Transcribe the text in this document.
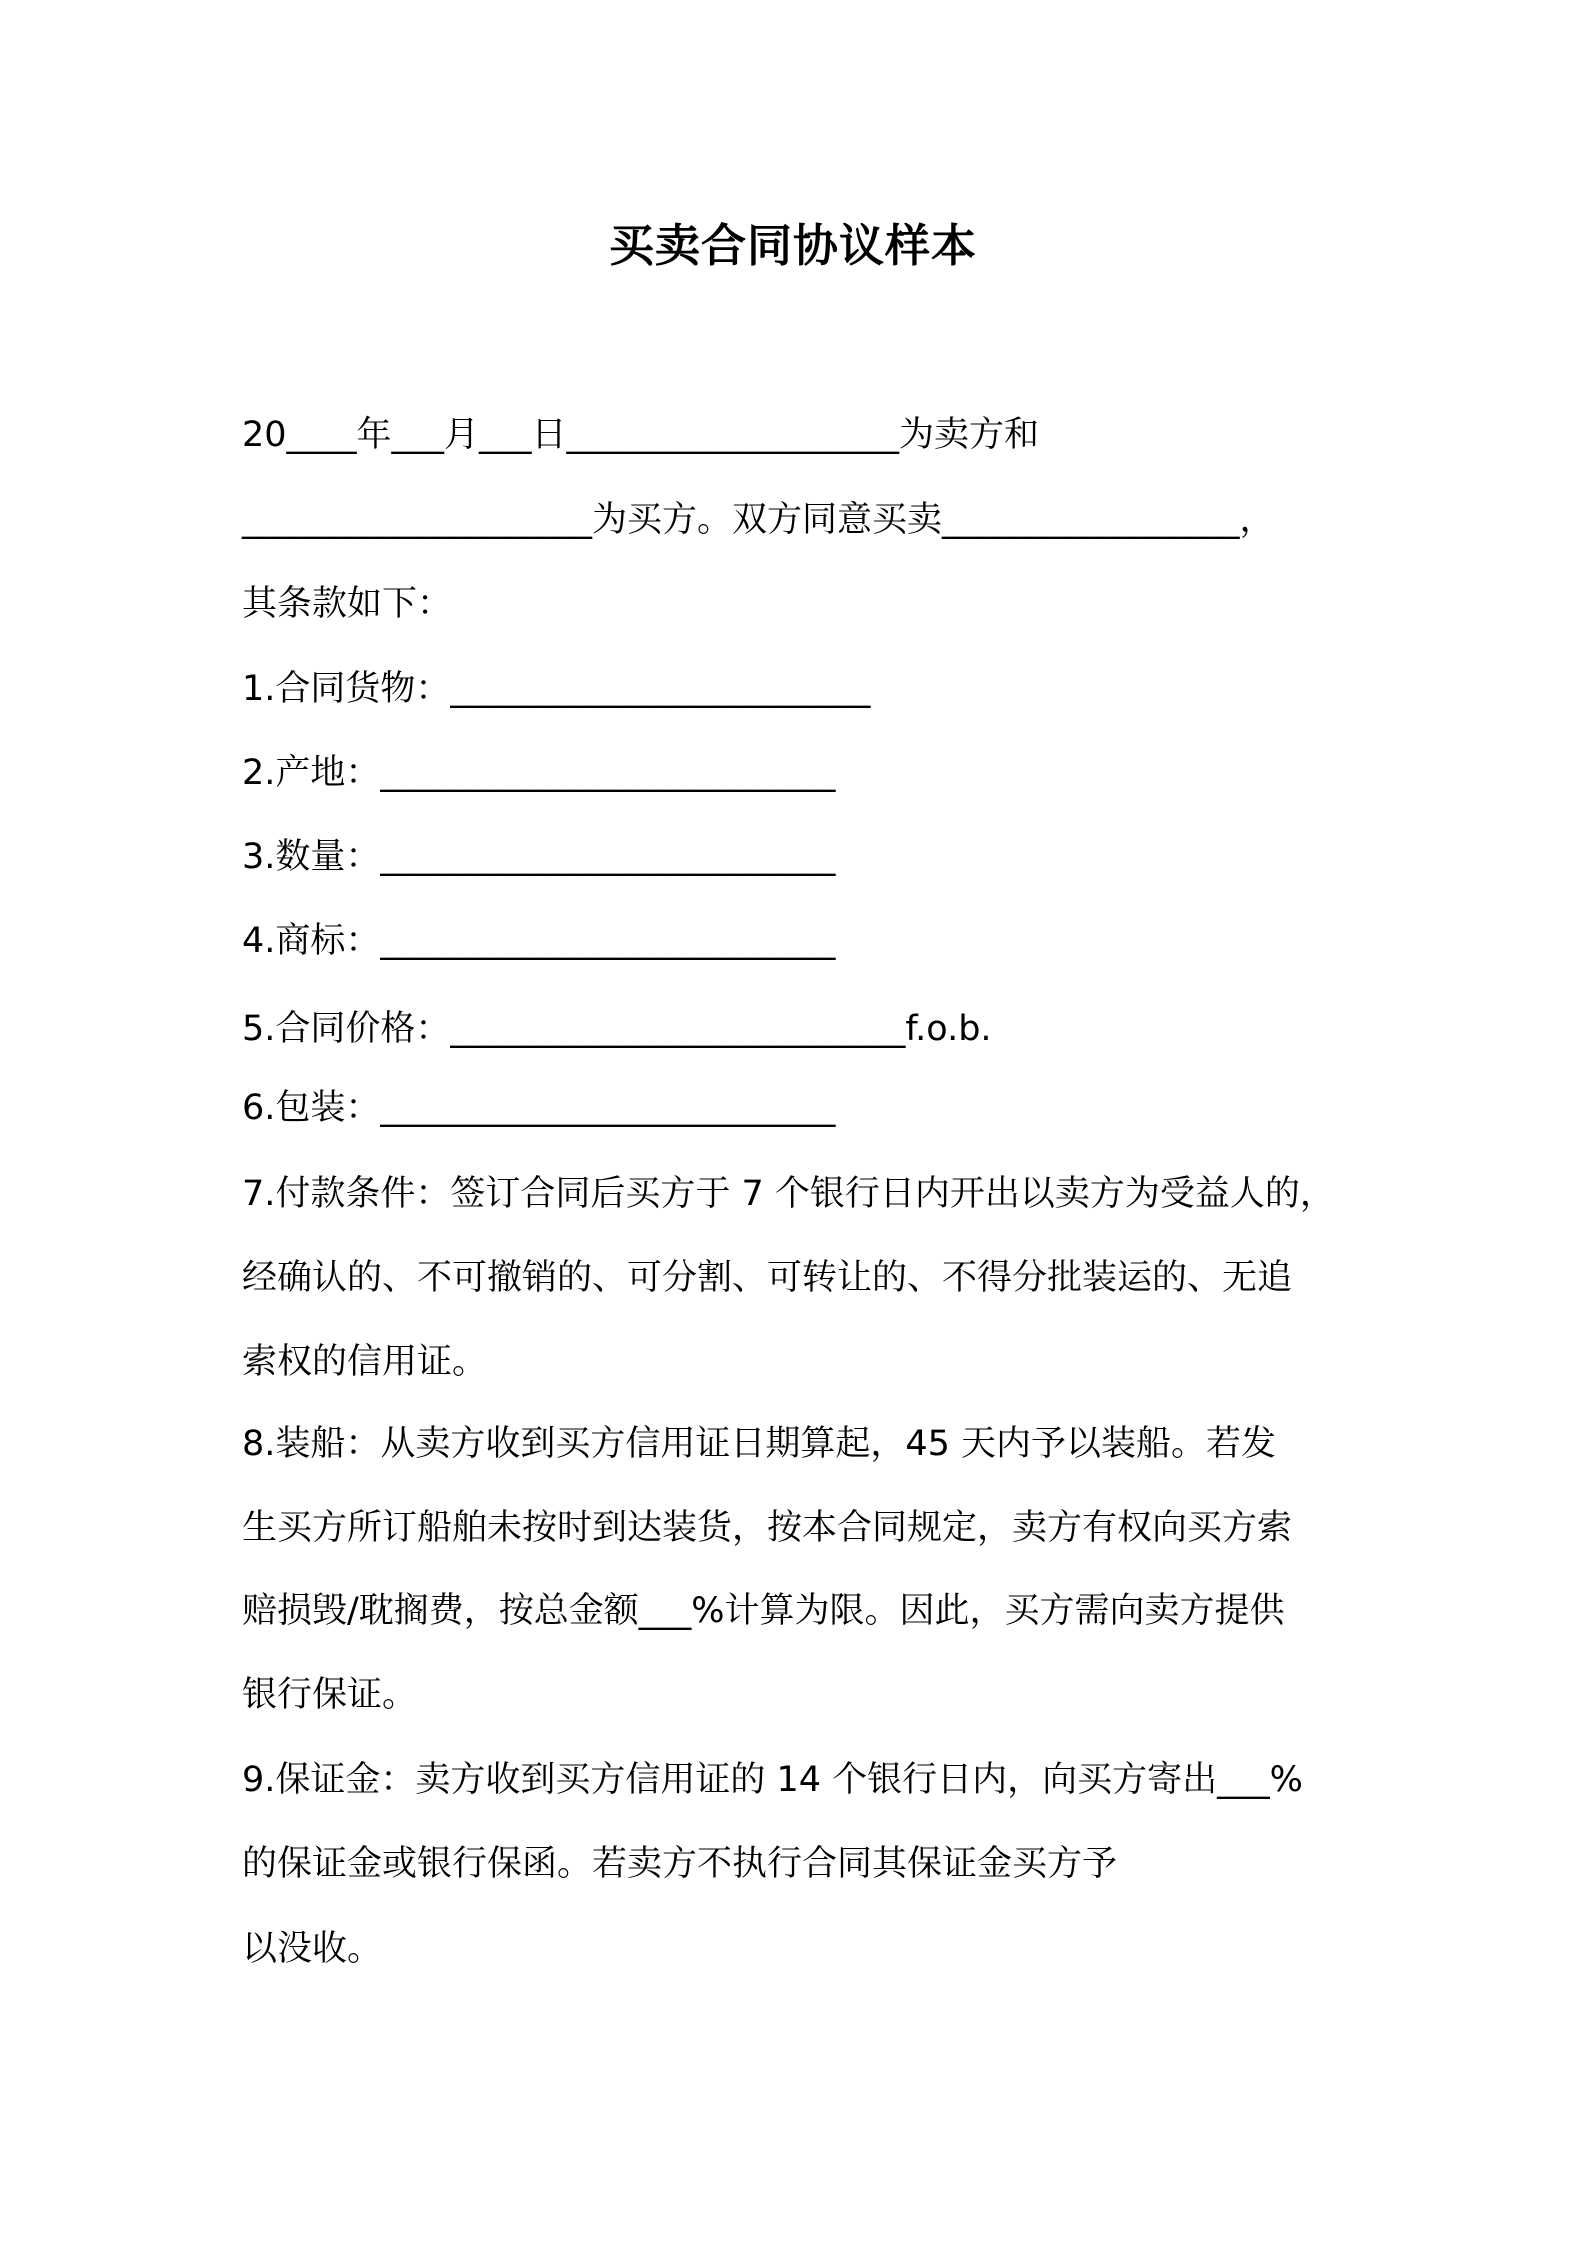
买卖合同协议样本
20____年___月___日___________________为卖方和
____________________为买方。双方同意买卖_________________，
其条款如下：
1.合同货物：________________________
2.产地：__________________________
3.数量：__________________________
4.商标：__________________________
5.合同价格：__________________________f.o.b.
6.包装：__________________________
7.付款条件：签订合同后买方于 7 个银行日内开出以卖方为受益人的，
经确认的、不可撤销的、可分割、可转让的、不得分批装运的、无追
索权的信用证。
8.装船：从卖方收到买方信用证日期算起，45 天内予以装船。若发
生买方所订船舶未按时到达装货，按本合同规定，卖方有权向买方索
赔损毁/耽搁费，按总金额___%计算为限。因此，买方需向卖方提供
银行保证。
9.保证金：卖方收到买方信用证的 14 个银行日内，向买方寄出___%
的保证金或银行保函。若卖方不执行合同其保证金买方予
以没收。
